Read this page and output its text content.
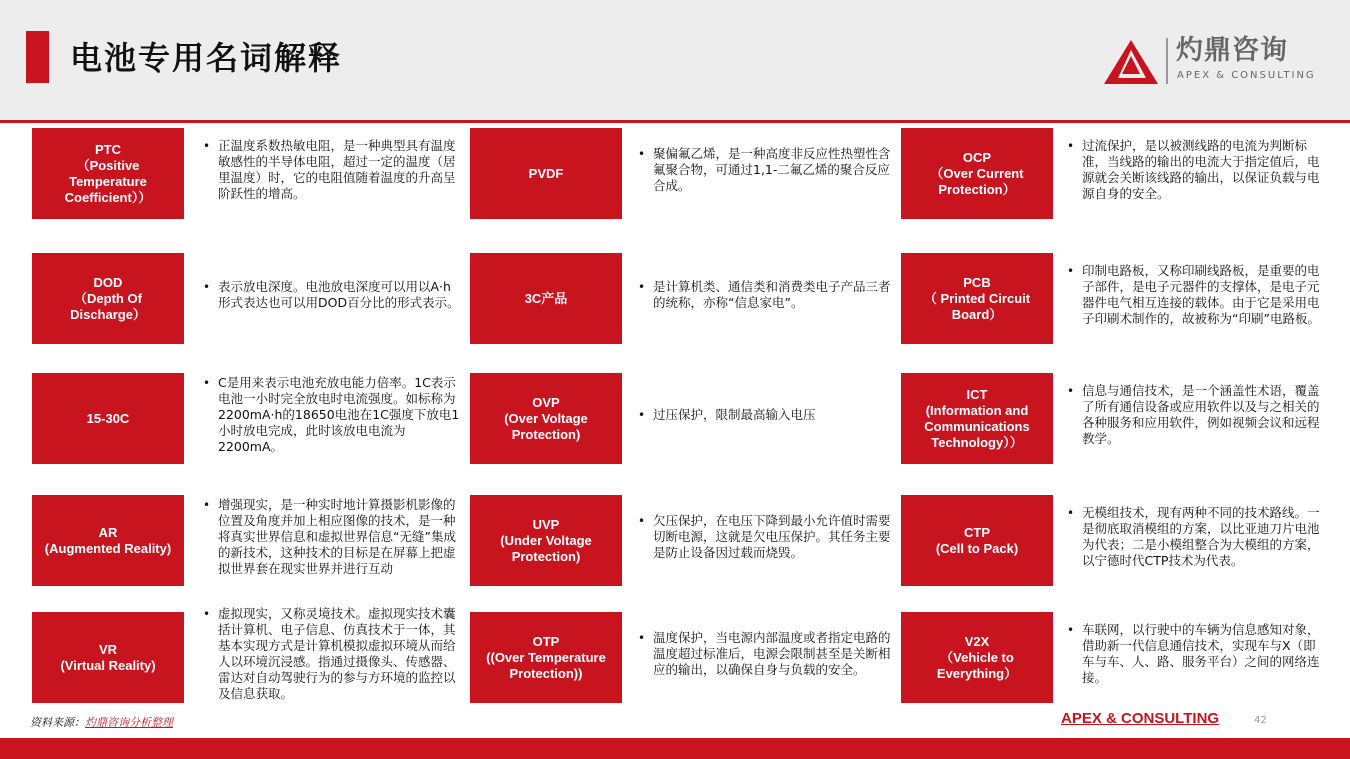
电池专用名词解释	灼鼎咨询
APEX & CONSULTING
PTC
（Positive
Temperature
Coefficient））
• 正温度系数热敏电阻，是一种典型具有温度敏感性的半导体电阻，超过一定的温度（居里温度）时，它的电阻值随着温度的升高呈阶跃性的增高。
PVDF
• 聚偏氟乙烯，是一种高度非反应性热塑性含氟聚合物，可通过1,1-二氟乙烯的聚合反应合成。
OCP
（Over Current
Protection）
• 过流保护，是以被测线路的电流为判断标准，当线路的输出的电流大于指定值后，电源就会关断该线路的输出，以保证负载与电源自身的安全。
DOD
（Depth Of
Discharge）
• 表示放电深度。电池放电深度可以用以A·h形式表达也可以用DOD百分比的形式表示。	3C产品
• 是计算机类、通信类和消费类电子产品三者的统称，亦称“信息家电”。
PCB
（ Printed Circuit
Board）
• 印制电路板，又称印刷线路板，是重要的电子部件，是电子元器件的支撑体，是电子元器件电气相互连接的载体。由于它是采用电子印刷术制作的，故被称为“印刷”电路板。
15-30C
• C是用来表示电池充放电能力倍率。1C表示电池一小时完全放电时电流强度。如标称为2200mA·h的18650电池在1C强度下放电1小时放电完成，此时该放电电流为2200mA。
OVP
(Over Voltage
Protection)
• 过压保护，限制最高输入电压
ICT
(Information and
Communications
Technology））
• 信息与通信技术，是一个涵盖性术语，覆盖了所有通信设备或应用软件以及与之相关的各种服务和应用软件，例如视频会议和远程教学。
AR
(Augmented Reality)
• 增强现实，是一种实时地计算摄影机影像的位置及角度并加上相应图像的技术，是一种将真实世界信息和虚拟世界信息“无缝”集成的新技术，这种技术的目标是在屏幕上把虚拟世界套在现实世界并进行互动
UVP
(Under Voltage
Protection)
• 欠压保护，在电压下降到最小允许值时需要切断电源，这就是欠电压保护。其任务主要是防止设备因过载而烧毁。
CTP
(Cell to Pack)
• 无模组技术，现有两种不同的技术路线。一是彻底取消模组的方案，以比亚迪刀片电池为代表；二是小模组整合为大模组的方案，以宁德时代CTP技术为代表。
VR
(Virtual Reality)
• 虚拟现实，又称灵境技术。虚拟现实技术囊括计算机、电子信息、仿真技术于一体，其基本实现方式是计算机模拟虚拟环境从而给人以环境沉浸感。指通过摄像头、传感器、雷达对自动驾驶行为的参与方环境的监控以及信息获取。
OTP
((Over Temperature
Protection))
• 温度保护，当电源内部温度或者指定电路的温度超过标准后，电源会限制甚至是关断相应的输出，以确保自身与负载的安全。
V2X
（Vehicle to
Everything）
• 车联网，以行驶中的车辆为信息感知对象，借助新一代信息通信技术，实现车与X（即车与车、人、路、服务平台）之间的网络连接。
资料来源：灼鼎咨询分析整理	APEX & CONSULTING	42
